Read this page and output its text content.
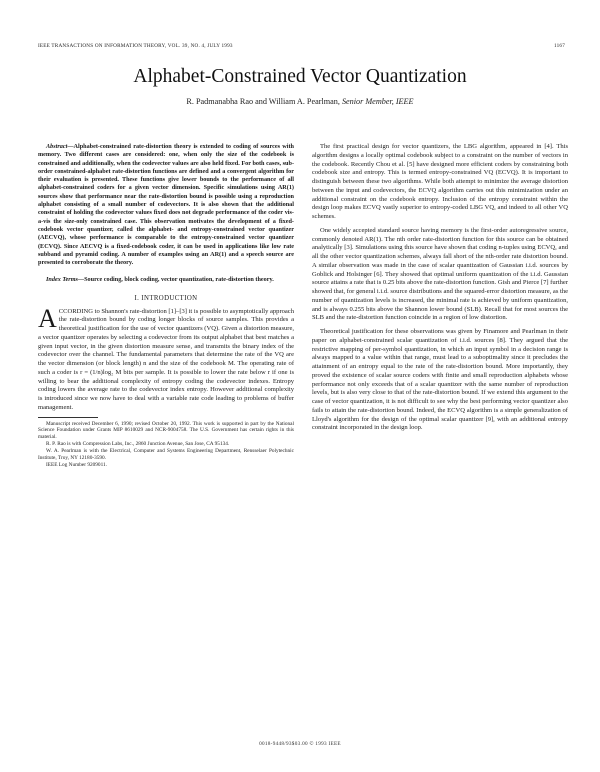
IEEE TRANSACTIONS ON INFORMATION THEORY, VOL. 39, NO. 4, JULY 1993	1167
Alphabet-Constrained Vector Quantization
R. Padmanabha Rao and William A. Pearlman, Senior Member, IEEE

Abstract—Alphabet-constrained rate-distortion theory is extended to coding of sources with memory. Two different cases are considered: one, when only the size of the codebook is constrained and additionally, when the codevector values are also held fixed. For both cases, sub-order constrained-alphabet rate-distortion functions are defined and a convergent algorithm for their evaluation is presented. These functions give lower bounds to the performance of all alphabet-constrained coders for a given vector dimension. Specific simulations using AR(1) sources show that performance near the rate-distortion bound is possible using a reproduction alphabet consisting of a small number of codevectors. It is also shown that the additional constraint of holding the codevector values fixed does not degrade performance of the coder vis-a-vis the size-only constrained case. This observation motivates the development of a fixed-codebook vector quantizer, called the alphabet- and entropy-constrained vector quantizer (AECVQ), whose performance is comparable to the entropy-constrained vector quantizer (ECVQ). Since AECVQ is a fixed-codebook coder, it can be used in applications like low rate subband and pyramid coding. A number of examples using an AR(1) and a speech source are presented to corroborate the theory.

Index Terms—Source coding, block coding, vector quantization, rate-distortion theory.

I. INTRODUCTION

ACCORDING to Shannon's rate-distortion [1]–[3] it is possible to asymptotically approach the rate-distortion bound by coding longer blocks of source samples. This provides a theoretical justification for the use of vector quantizers (VQ). Given a distortion measure, a vector quantizer operates by selecting a codevector from its output alphabet that best matches a given input vector, in the given distortion measure sense, and transmits the binary index of the codevector over the channel. The fundamental parameters that determine the rate of the VQ are the vector dimension (or block length) n and the size of the codebook M. The operating rate of such a coder is r = (1/n)log₂ M bits per sample. It is possible to lower the rate below r if one is willing to bear the additional complexity of entropy coding the codevector indexes. Entropy coding lowers the average rate to the codevector index entropy. However additional complexity is introduced since we now have to deal with a variable rate code leading to problems of buffer management.

Manuscript received December 6, 1990; revised October 20, 1992. This work is supported in part by the National Science Foundation under Grants MIP 8610029 and NCR-9004758. The U.S. Government has certain rights in this material.

R. P. Rao is with Compression Labs, Inc., 2860 Junction Avenue, San Jose, CA 95134.

W. A. Pearlman is with the Electrical, Computer and Systems Engineering Department, Rensselaer Polytechnic Institute, Troy, NY 12180-3590.

IEEE Log Number 9209011.

The first practical design for vector quantizers, the LBG algorithm, appeared in [4]. This algorithm designs a locally optimal codebook subject to a constraint on the number of vectors in the codebook. Recently Chou et al. [5] have designed more efficient coders by constraining both codebook size and entropy. This is termed entropy-constrained VQ (ECVQ). It is important to distinguish between these two algorithms. While both attempt to minimize the average distortion between the input and codevectors, the ECVQ algorithm carries out this minimization under an additional constraint on the codebook entropy. Inclusion of the entropy constraint within the design loop makes ECVQ vastly superior to entropy-coded LBG VQ, and indeed to all other VQ schemes.

One widely accepted standard source having memory is the first-order autoregressive source, commonly denoted AR(1). The nth order rate-distortion function for this source can be obtained analytically [3]. Simulations using this source have shown that coding n-tuples using ECVQ, and all the other vector quantization schemes, always fall short of the nth-order rate distortion bound. A similar observation was made in the case of scalar quantization of Gaussian i.i.d. sources by Goblick and Holsinger [6]. They showed that optimal uniform quantization of the i.i.d. Gaussian source attains a rate that is 0.25 bits above the rate-distortion function. Gish and Pierce [7] further showed that, for general i.i.d. source distributions and the squared-error distortion measure, as the number of quantization levels is increased, the minimal rate is achieved by uniform quantization, and is always 0.255 bits above the Shannon lower bound (SLB). Recall that for most sources the SLB and the rate-distortion function coincide in a region of low distortion.

Theoretical justification for these observations was given by Finamore and Pearlman in their paper on alphabet-constrained scalar quantization of i.i.d. sources [8]. They argued that the restrictive mapping of per-symbol quantization, in which an input symbol in a decision range is always mapped to a value within that range, must lead to a suboptimality since it precludes the attainment of an entropy equal to the rate of the rate-distortion bound. More importantly, they proved the existence of scalar source coders with finite and small reproduction alphabets whose performance not only exceeds that of a scalar quantizer with the same number of reproduction levels, but is also very close to that of the rate-distortion bound. If we extend this argument to the case of vector quantization, it is not difficult to see why the best performing vector quantizer also fails to attain the rate-distortion bound. Indeed, the ECVQ algorithm is a simple generalization of Lloyd's algorithm for the design of the optimal scalar quantizer [9], with an additional entropy constraint incorporated in the design loop.

0018-9448/93$03.00 © 1993 IEEE
